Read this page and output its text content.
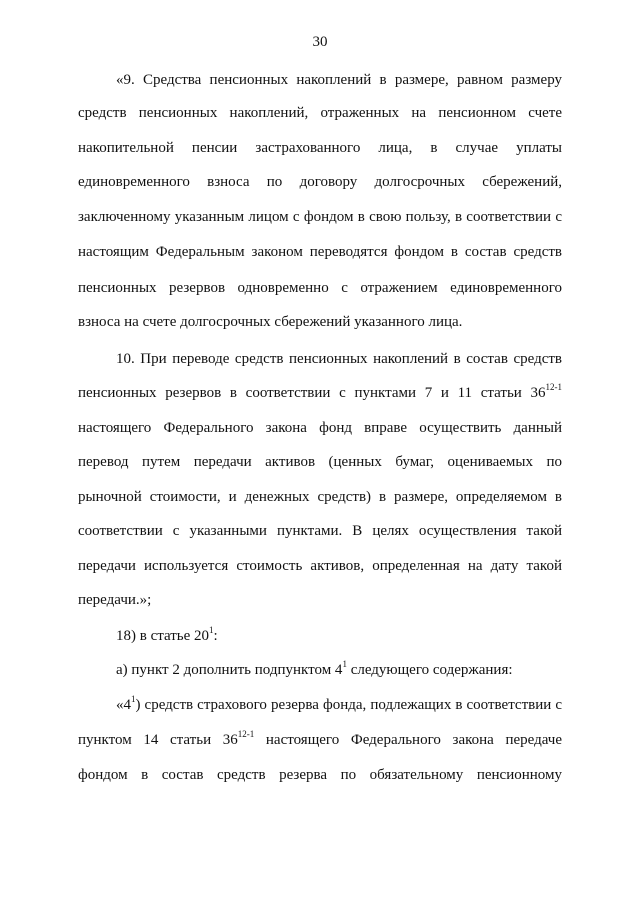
30
«9. Средства пенсионных накоплений в размере, равном размеру
средств пенсионных накоплений, отраженных на пенсионном счете
накопительной пенсии застрахованного лица, в случае уплаты
единовременного взноса по договору долгосрочных сбережений,
заключенному указанным лицом с фондом в свою пользу, в соответствии с
настоящим Федеральным законом переводятся фондом в состав средств
пенсионных резервов одновременно с отражением единовременного
взноса на счете долгосрочных сбережений указанного лица.
10. При переводе средств пенсионных накоплений в состав средств
пенсионных резервов в соответствии с пунктами 7 и 11 статьи 36$^{12-1}$
настоящего Федерального закона фонд вправе осуществить данный
перевод путем передачи активов (ценных бумаг, оцениваемых по
рыночной стоимости, и денежных средств) в размере, определяемом в
соответствии с указанными пунктами. В целях осуществления такой
передачи используется стоимость активов, определенная на дату такой
передачи.»;
18) в статье $20^1$:
а) пункт 2 дополнить подпунктом $4^1$ следующего содержания:
«$4^1$) средств страхового резерва фонда, подлежащих в соответствии с
пунктом 14 статьи 36$^{12-1}$ настоящего Федерального закона передаче
фондом в состав средств резерва по обязательному пенсионному
